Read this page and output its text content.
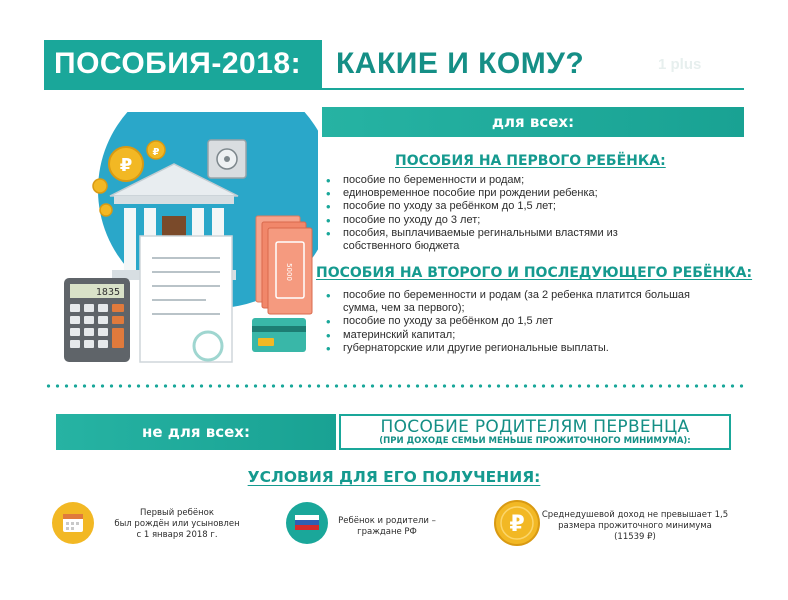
ПОСОБИЯ-2018:	КАКИЕ И КОМУ?	1 plus
₽
₽
5000
1835
для всех:
ПОСОБИЯ НА ПЕРВОГО РЕБЁНКА:
• пособие по беременности и родам;
• единовременное пособие при рождении ребенка;
• пособие по уходу за ребёнком до 1,5 лет;
• пособие по уходу до 3 лет;
• пособия, выплачиваемые регинальными властями из собственного бюджета
ПОСОБИЯ НА ВТОРОГО И ПОСЛЕДУЮЩЕГО РЕБЁНКА:
• пособие по беременности и родам (за 2 ребенка платится большая сумма, чем за первого);
• пособие по уходу за ребёнком до 1,5 лет
• материнский капитал;
• губернаторские или другие региональные выплаты.
не для всех:	ПОСОБИЕ РОДИТЕЛЯМ ПЕРВЕНЦА
(ПРИ ДОХОДЕ СЕМЬИ МЕНЬШЕ ПРОЖИТОЧНОГО МИНИМУМА):
УСЛОВИЯ ДЛЯ ЕГО ПОЛУЧЕНИЯ:
Первый ребёнок
был рождён или усыновлен
с 1 января 2018 г.
Ребёнок и родители –
граждане РФ	₽ Среднедушевой доход не превышает 1,5
размера прожиточного минимума
(11539 ₽)
